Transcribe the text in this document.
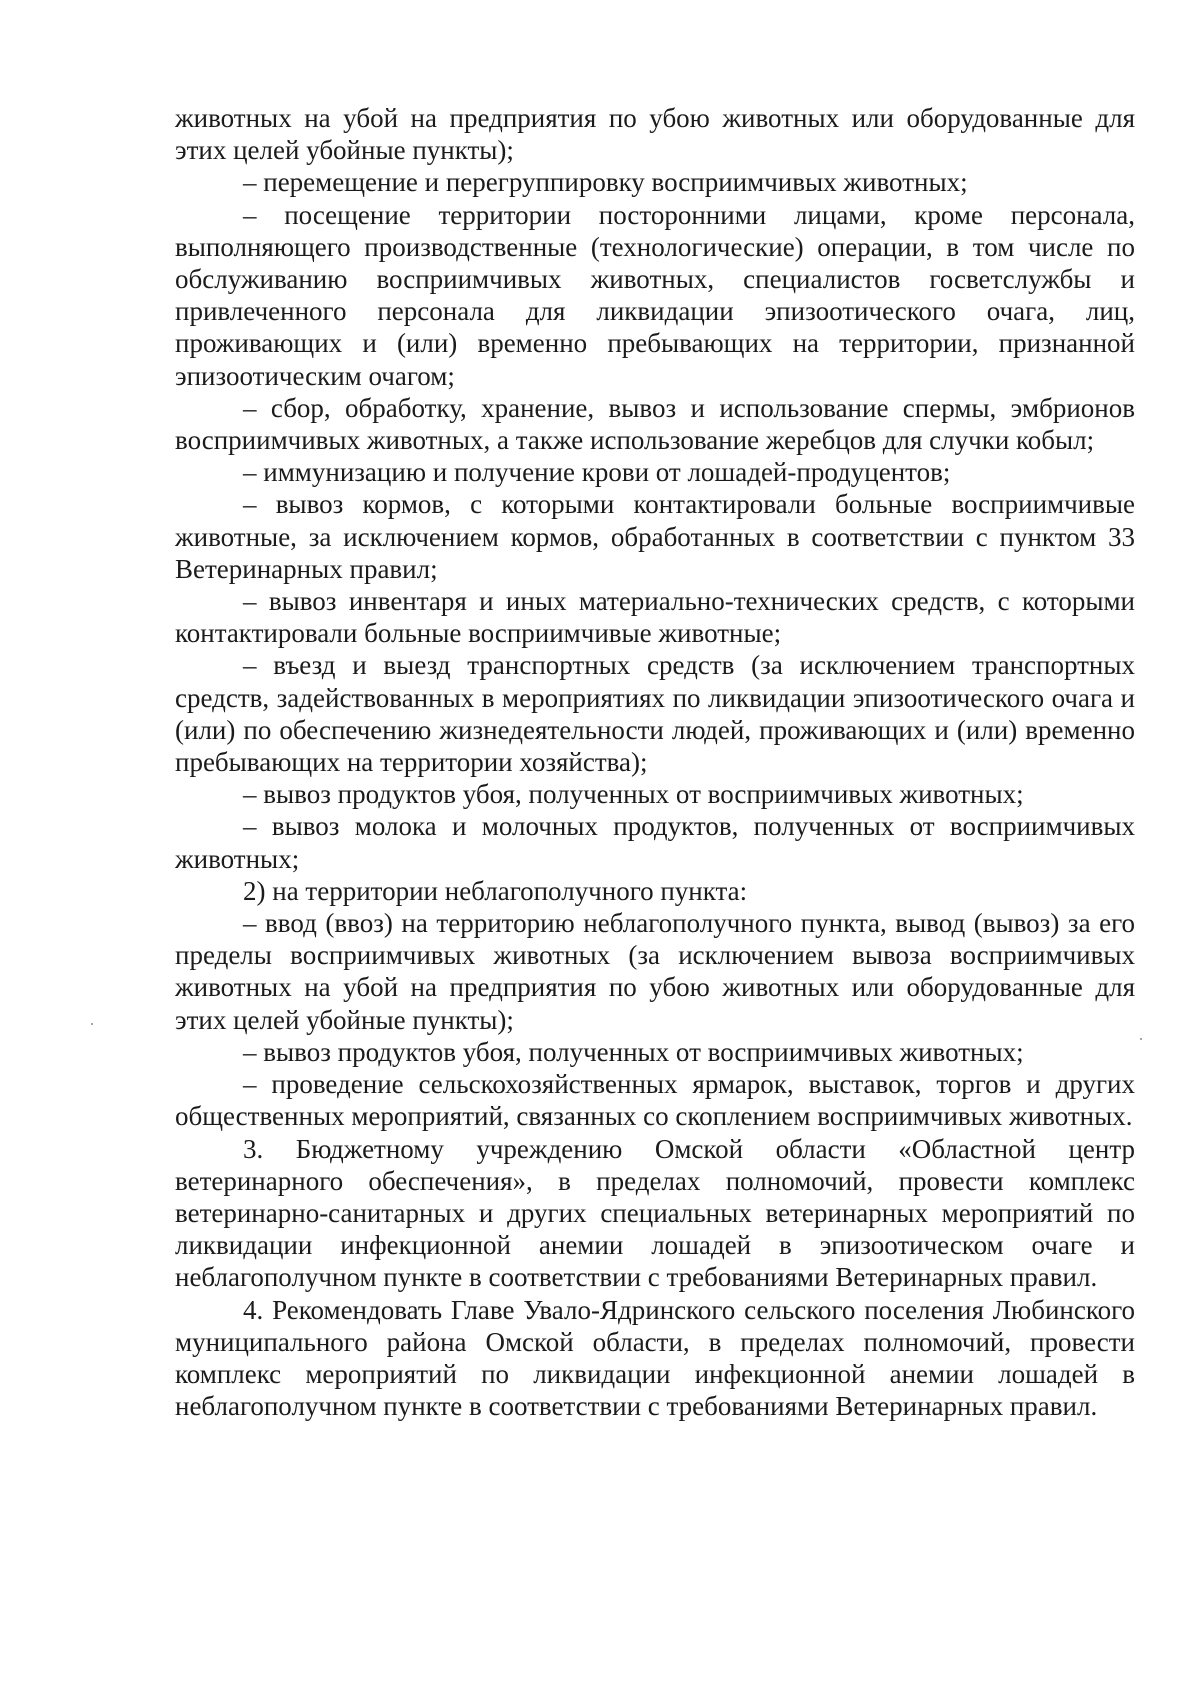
животных на убой на предприятия по убою животных или оборудованные для этих целей убойные пункты);

– перемещение и перегруппировку восприимчивых животных;

– посещение территории посторонними лицами, кроме персонала, выполняющего производственные (технологические) операции, в том числе по обслуживанию восприимчивых животных, специалистов госветслужбы и привлеченного персонала для ликвидации эпизоотического очага, лиц, проживающих и (или) временно пребывающих на территории, признанной эпизоотическим очагом;

– сбор, обработку, хранение, вывоз и использование спермы, эмбрионов восприимчивых животных, а также использование жеребцов для случки кобыл;

– иммунизацию и получение крови от лошадей-продуцентов;

– вывоз кормов, с которыми контактировали больные восприимчивые животные, за исключением кормов, обработанных в соответствии с пунктом 33 Ветеринарных правил;

– вывоз инвентаря и иных материально-технических средств, с которыми контактировали больные восприимчивые животные;

– въезд и выезд транспортных средств (за исключением транспортных средств, задействованных в мероприятиях по ликвидации эпизоотического очага и (или) по обеспечению жизнедеятельности людей, проживающих и (или) временно пребывающих на территории хозяйства);

– вывоз продуктов убоя, полученных от восприимчивых животных;

– вывоз молока и молочных продуктов, полученных от восприимчивых животных;

2) на территории неблагополучного пункта:

– ввод (ввоз) на территорию неблагополучного пункта, вывод (вывоз) за его пределы восприимчивых животных (за исключением вывоза восприимчивых животных на убой на предприятия по убою животных или оборудованные для этих целей убойные пункты);

– вывоз продуктов убоя, полученных от восприимчивых животных;

– проведение сельскохозяйственных ярмарок, выставок, торгов и других общественных мероприятий, связанных со скоплением восприимчивых животных.

3. Бюджетному учреждению Омской области «Областной центр ветеринарного обеспечения», в пределах полномочий, провести комплекс ветеринарно-санитарных и других специальных ветеринарных мероприятий по ликвидации инфекционной анемии лошадей в эпизоотическом очаге и неблагополучном пункте в соответствии с требованиями Ветеринарных правил.

4. Рекомендовать Главе Увало-Ядринского сельского поселения Любинского муниципального района Омской области, в пределах полномочий, провести комплекс мероприятий по ликвидации инфекционной анемии лошадей в неблагополучном пункте в соответствии с требованиями Ветеринарных правил.
